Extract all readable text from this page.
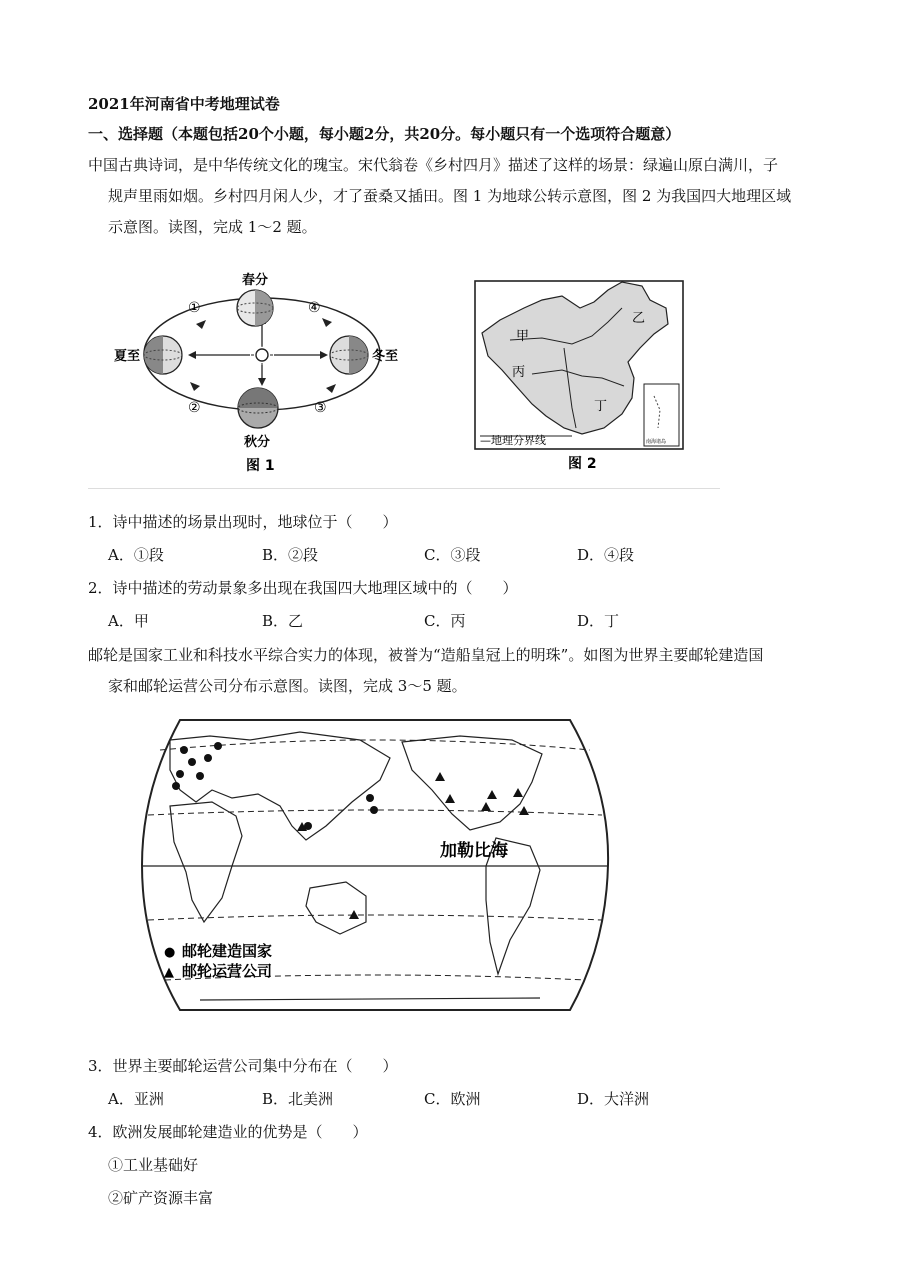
2021年河南省中考地理试卷
一、选择题（本题包括20个小题，每小题2分，共20分。每小题只有一个选项符合题意）
中国古典诗词，是中华传统文化的瑰宝。宋代翁卷《乡村四月》描述了这样的场景：绿遍山原白满川，子
规声里雨如烟。乡村四月闲人少，才了蚕桑又插田。图 1 为地球公转示意图，图 2 为我国四大地理区域
示意图。读图，完成 1～2 题。
春分
夏至	冬至
秋分
①
②	③
④
图 1
甲
乙
丙
丁
—地理分界线	南海诸岛
图 2
1．诗中描述的场景出现时，地球位于（　　）
A．①段	B．②段	C．③段	D．④段
2．诗中描述的劳动景象多出现在我国四大地理区域中的（　　）
A．甲	B．乙	C．丙	D．丁
邮轮是国家工业和科技水平综合实力的体现，被誉为“造船皇冠上的明珠”。如图为世界主要邮轮建造国
家和邮轮运营公司分布示意图。读图，完成 3～5 题。
加勒比海
● 邮轮建造国家
▲ 邮轮运营公司
3．世界主要邮轮运营公司集中分布在（　　）
A．亚洲	B．北美洲	C．欧洲	D．大洋洲
4．欧洲发展邮轮建造业的优势是（　　）
①工业基础好
②矿产资源丰富
